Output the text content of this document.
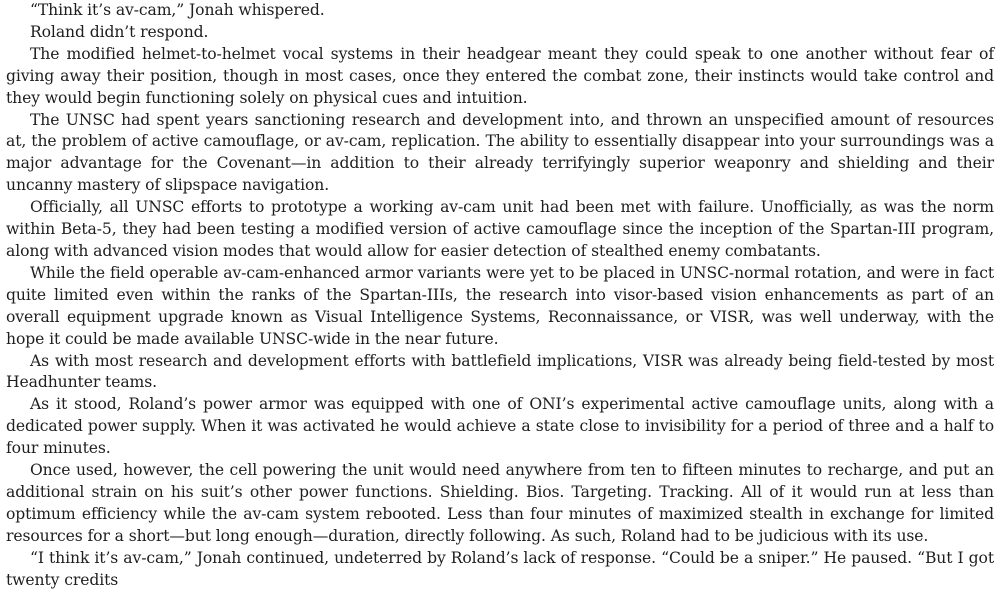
“Think it’s av-cam,” Jonah whispered.

Roland didn’t respond.

The modified helmet-to-helmet vocal systems in their headgear meant they could speak to one another without fear of giving away their position, though in most cases, once they entered the combat zone, their instincts would take control and they would begin functioning solely on physical cues and intuition.

The UNSC had spent years sanctioning research and development into, and thrown an unspecified amount of resources at, the problem of active camouflage, or av-cam, replication. The ability to essentially disappear into your surroundings was a major advantage for the Covenant—in addition to their already terrifyingly superior weaponry and shielding and their uncanny mastery of slipspace navigation.

Officially, all UNSC efforts to prototype a working av-cam unit had been met with failure. Unofficially, as was the norm within Beta-5, they had been testing a modified version of active camouflage since the inception of the Spartan-III program, along with advanced vision modes that would allow for easier detection of stealthed enemy combatants.

While the field operable av-cam-enhanced armor variants were yet to be placed in UNSC-normal rotation, and were in fact quite limited even within the ranks of the Spartan-IIIs, the research into visor-based vision enhancements as part of an overall equipment upgrade known as Visual Intelligence Systems, Reconnaissance, or VISR, was well underway, with the hope it could be made available UNSC-wide in the near future.

As with most research and development efforts with battlefield implications, VISR was already being field-tested by most Headhunter teams.

As it stood, Roland’s power armor was equipped with one of ONI’s experimental active camouflage units, along with a dedicated power supply. When it was activated he would achieve a state close to invisibility for a period of three and a half to four minutes.

Once used, however, the cell powering the unit would need anywhere from ten to fifteen minutes to recharge, and put an additional strain on his suit’s other power functions. Shielding. Bios. Targeting. Tracking. All of it would run at less than optimum efficiency while the av-cam system rebooted. Less than four minutes of maximized stealth in exchange for limited resources for a short—but long enough—duration, directly following. As such, Roland had to be judicious with its use.

“I think it’s av-cam,” Jonah continued, undeterred by Roland’s lack of response. “Could be a sniper.” He paused. “But I got twenty credits
